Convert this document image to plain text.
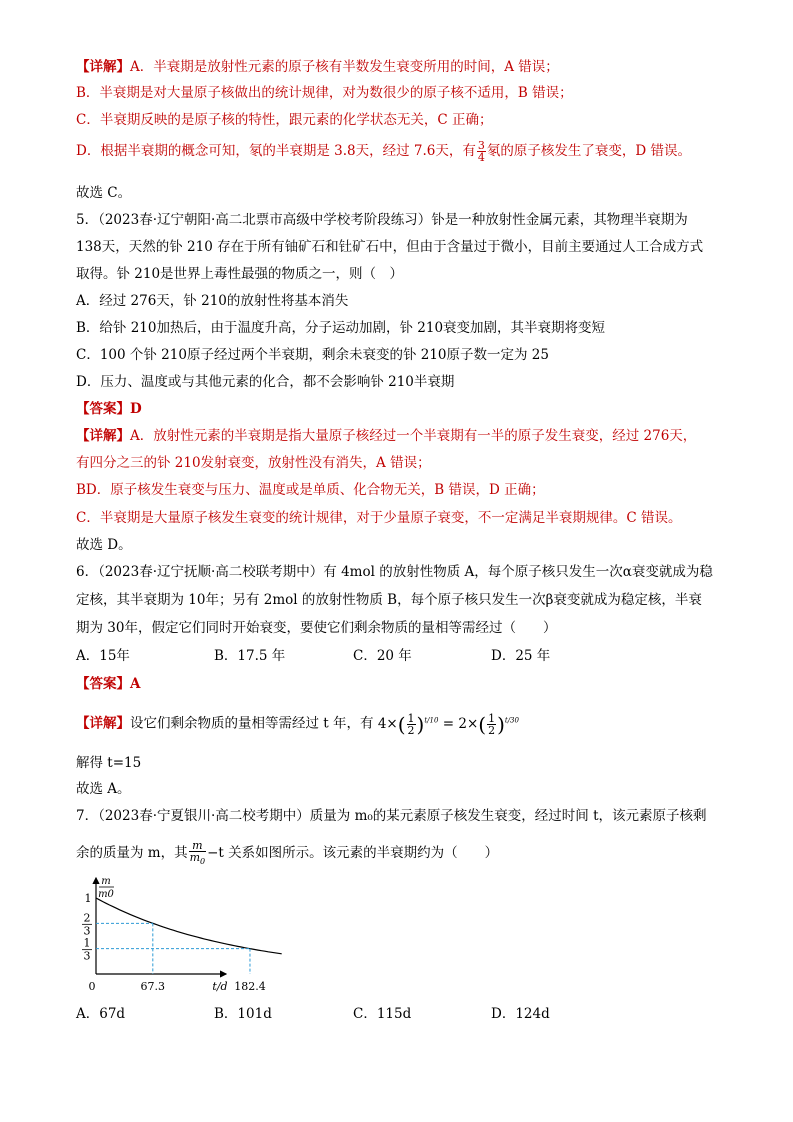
【详解】A．半衰期是放射性元素的原子核有半数发生衰变所用的时间，A 错误；
B．半衰期是对大量原子核做出的统计规律，对为数很少的原子核不适用，B 错误；
C．半衰期反映的是原子核的特性，跟元素的化学状态无关，C 正确；
D．根据半衰期的概念可知，氡的半衰期是 3.8天，经过 7.6天，有 $\frac{3}{4}$ 氡的原子核发生了衰变，D 错误。
故选 C。
5．（2023春·辽宁朝阳·高二北票市高级中学校考阶段练习）钋是一种放射性金属元素，其物理半衰期为
138天，天然的钋 210 存在于所有铀矿石和钍矿石中，但由于含量过于微小，目前主要通过人工合成方式
取得。钋 210是世界上毒性最强的物质之一，则（　）
A．经过 276天，钋 210的放射性将基本消失
B．给钋 210加热后，由于温度升高，分子运动加剧，钋 210衰变加剧，其半衰期将变短
C．100 个钋 210原子经过两个半衰期，剩余未衰变的钋 210原子数一定为 25
D．压力、温度或与其他元素的化合，都不会影响钋 210半衰期
【答案】D
【详解】A．放射性元素的半衰期是指大量原子核经过一个半衰期有一半的原子发生衰变，经过 276天，
有四分之三的钋 210发射衰变，放射性没有消失，A 错误；
BD．原子核发生衰变与压力、温度或是单质、化合物无关，B 错误，D 正确；
C．半衰期是大量原子核发生衰变的统计规律，对于少量原子衰变，不一定满足半衰期规律。C 错误。
故选 D。
6．（2023春·辽宁抚顺·高二校联考期中）有 4mol 的放射性物质 A，每个原子核只发生一次α衰变就成为稳
定核，其半衰期为 10年；另有 2mol 的放射性物质 B，每个原子核只发生一次β衰变就成为稳定核，半衰
期为 30年，假定它们同时开始衰变，要使它们剩余物质的量相等需经过（　　）
A．15年	B．17.5 年	C．20 年	D．25 年
【答案】A
【详解】设它们剩余物质的量相等需经过 t 年，有 $4\times( \frac{1}{2} )^{t/10} = 2\times( \frac{1}{2} )^{t/30}$
解得 t=15
故选 A。
7．（2023春·宁夏银川·高二校考期中）质量为 m₀的某元素原子核发生衰变，经过时间 t，该元素原子核剩
余的质量为 m，其 $\frac{m}{m_0} -t$ 关系如图所示。该元素的半衰期约为（　　）
0	67.3	182.4
1
2
3
1
3
t/d
m
m0
A．67d	B．101d	C．115d	D．124d
